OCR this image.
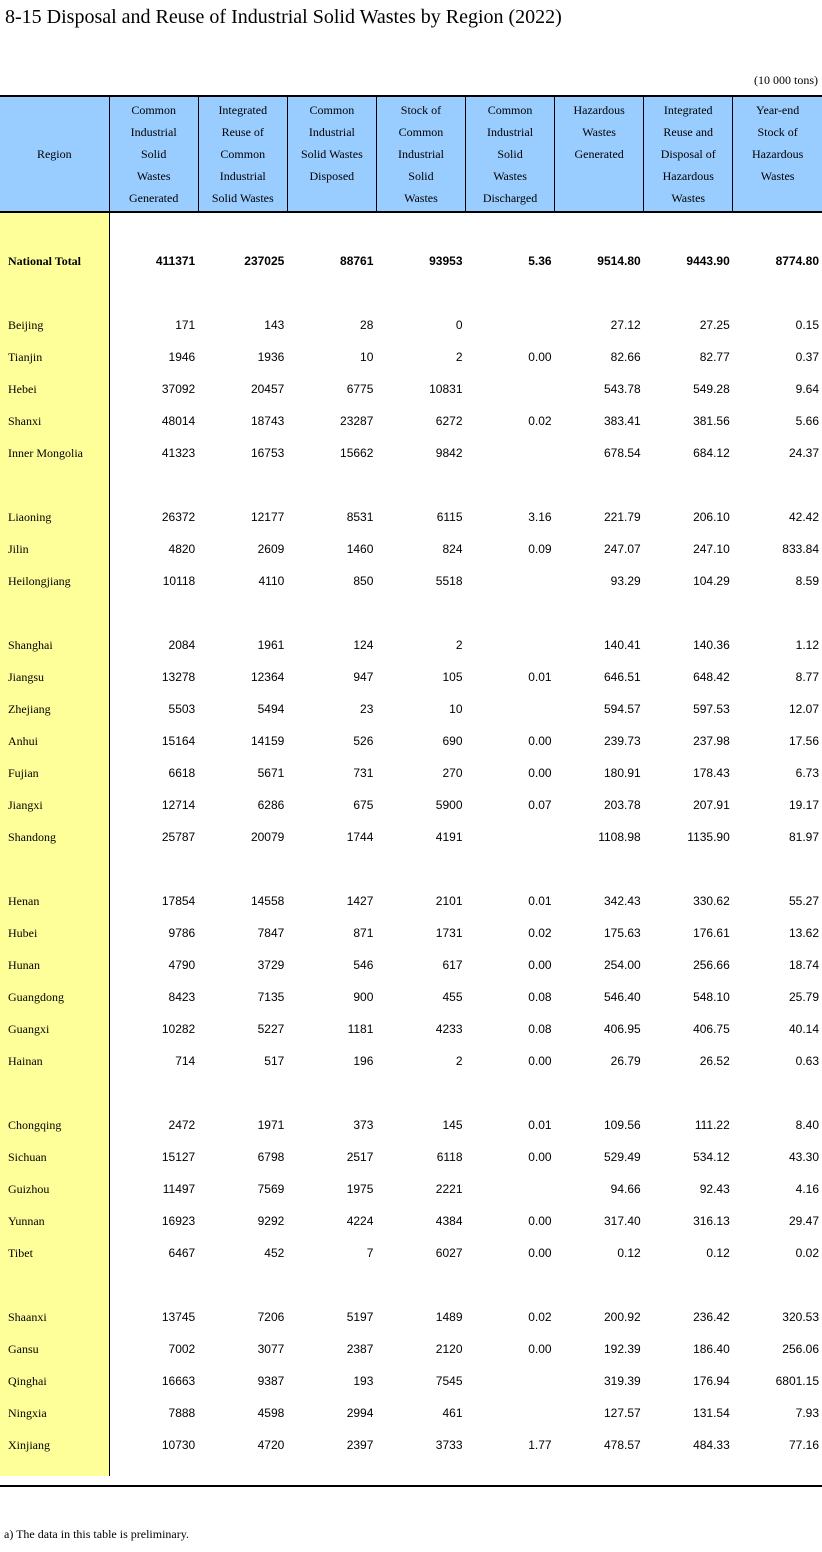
8-15 Disposal and Reuse of Industrial Solid Wastes by Region (2022)
(10 000 tons)
Region	Common
Industrial
Solid
Wastes
Generated	Integrated
Reuse of
Common
Industrial
Solid Wastes	Common
Industrial
Solid Wastes
Disposed	Stock of
Common
Industrial
Solid
Wastes	Common
Industrial
Solid
Wastes
Discharged	Hazardous
Wastes
Generated	Integrated
Reuse and
Disposal of
Hazardous
Wastes	Year-end
Stock of
Hazardous
Wastes

National Total	411371	237025	88761	93953	5.36	9514.80	9443.90	8774.80

Beijing	171	143	28	0		27.12	27.25	0.15
Tianjin	1946	1936	10	2	0.00	82.66	82.77	0.37
Hebei	37092	20457	6775	10831		543.78	549.28	9.64
Shanxi	48014	18743	23287	6272	0.02	383.41	381.56	5.66
Inner Mongolia	41323	16753	15662	9842		678.54	684.12	24.37

Liaoning	26372	12177	8531	6115	3.16	221.79	206.10	42.42
Jilin	4820	2609	1460	824	0.09	247.07	247.10	833.84
Heilongjiang	10118	4110	850	5518		93.29	104.29	8.59

Shanghai	2084	1961	124	2		140.41	140.36	1.12
Jiangsu	13278	12364	947	105	0.01	646.51	648.42	8.77
Zhejiang	5503	5494	23	10		594.57	597.53	12.07
Anhui	15164	14159	526	690	0.00	239.73	237.98	17.56
Fujian	6618	5671	731	270	0.00	180.91	178.43	6.73
Jiangxi	12714	6286	675	5900	0.07	203.78	207.91	19.17
Shandong	25787	20079	1744	4191		1108.98	1135.90	81.97

Henan	17854	14558	1427	2101	0.01	342.43	330.62	55.27
Hubei	9786	7847	871	1731	0.02	175.63	176.61	13.62
Hunan	4790	3729	546	617	0.00	254.00	256.66	18.74
Guangdong	8423	7135	900	455	0.08	546.40	548.10	25.79
Guangxi	10282	5227	1181	4233	0.08	406.95	406.75	40.14
Hainan	714	517	196	2	0.00	26.79	26.52	0.63

Chongqing	2472	1971	373	145	0.01	109.56	111.22	8.40
Sichuan	15127	6798	2517	6118	0.00	529.49	534.12	43.30
Guizhou	11497	7569	1975	2221		94.66	92.43	4.16
Yunnan	16923	9292	4224	4384	0.00	317.40	316.13	29.47
Tibet	6467	452	7	6027	0.00	0.12	0.12	0.02

Shaanxi	13745	7206	5197	1489	0.02	200.92	236.42	320.53
Gansu	7002	3077	2387	2120	0.00	192.39	186.40	256.06
Qinghai	16663	9387	193	7545		319.39	176.94	6801.15
Ningxia	7888	4598	2994	461		127.57	131.54	7.93
Xinjiang	10730	4720	2397	3733	1.77	478.57	484.33	77.16

a) The data in this table is preliminary.
